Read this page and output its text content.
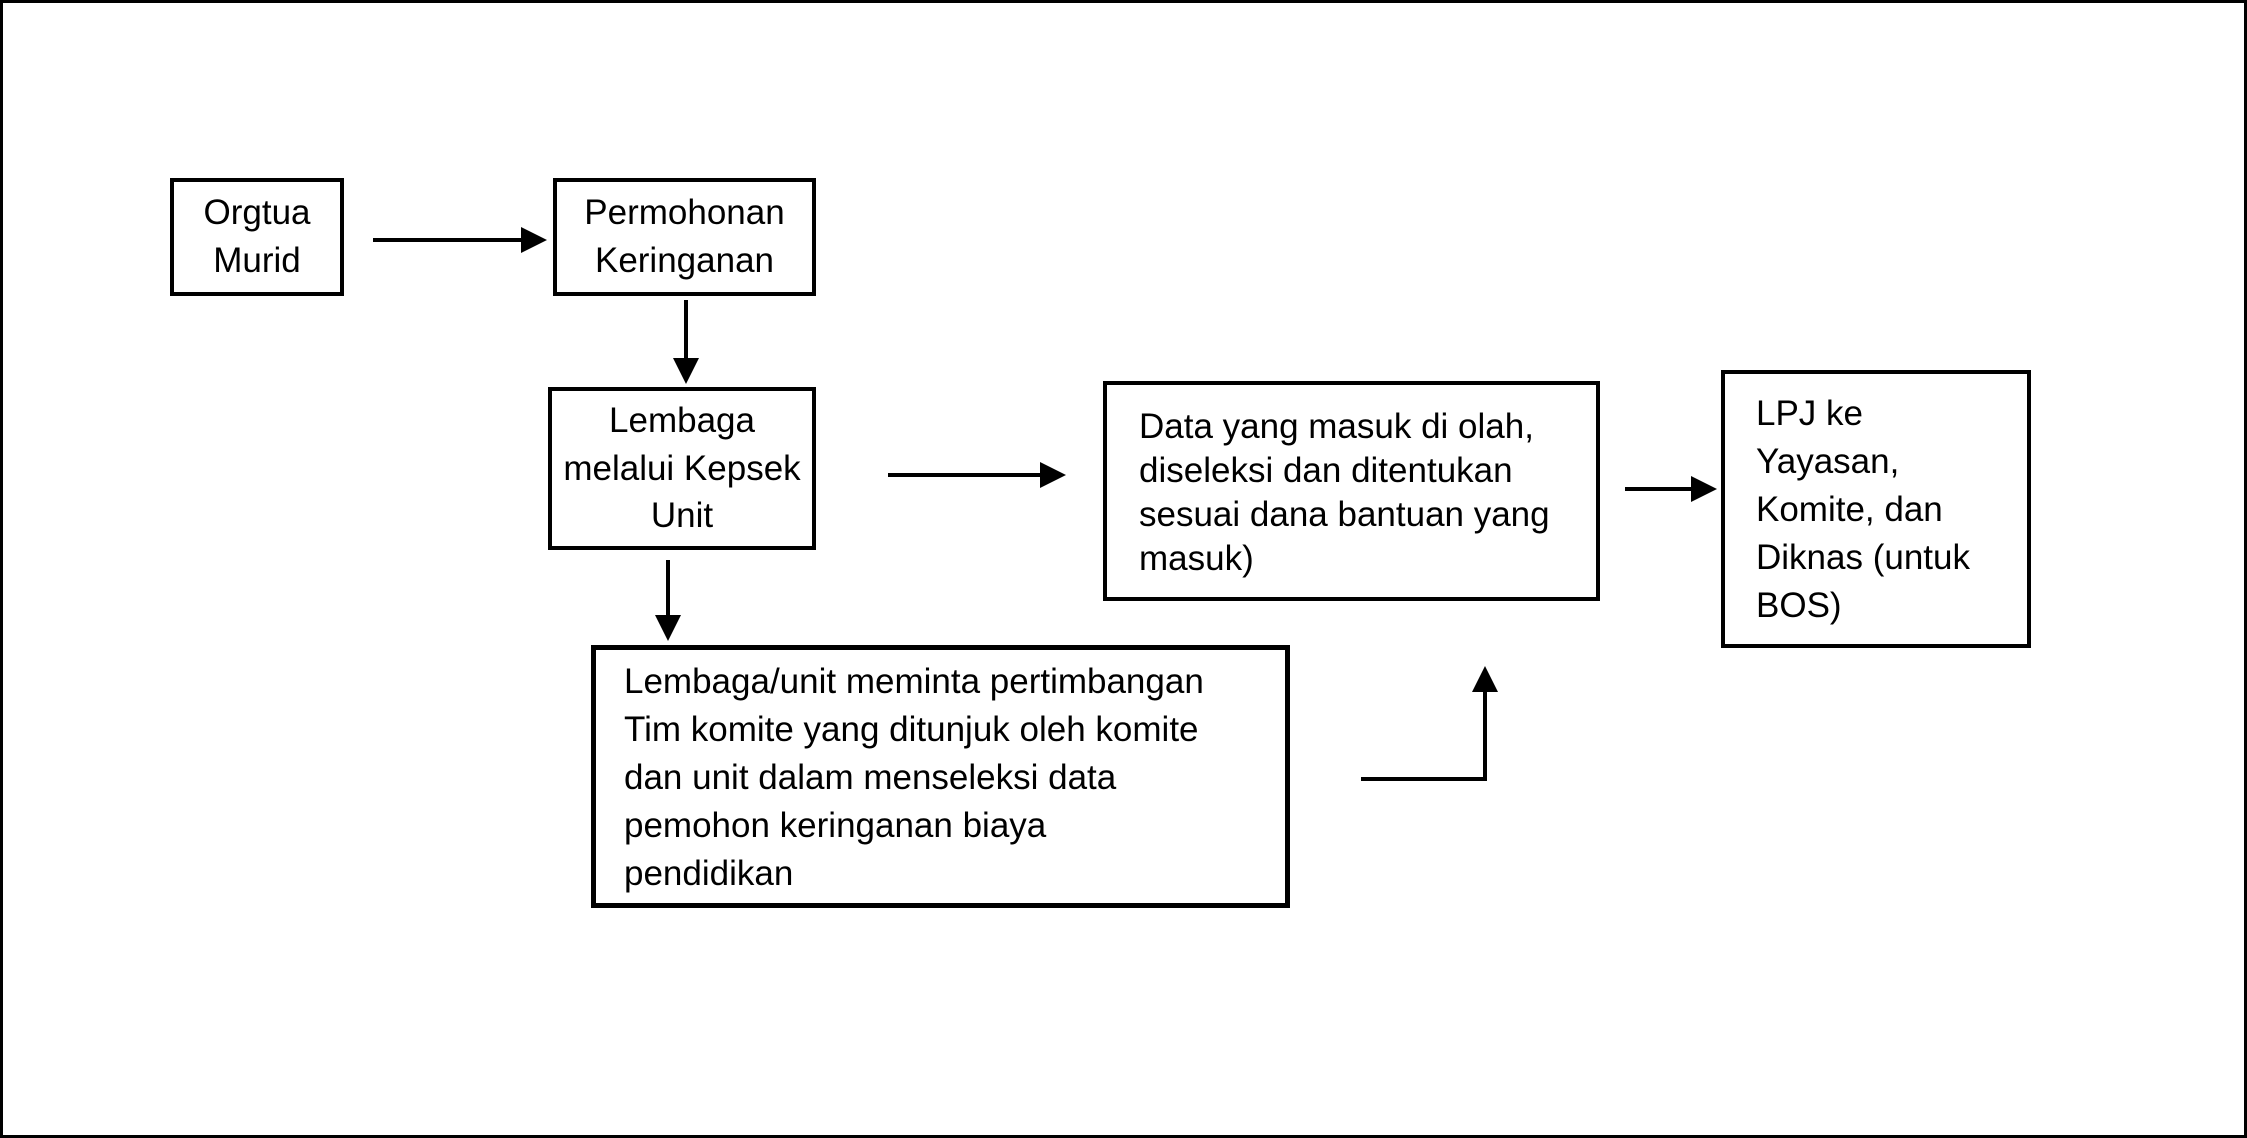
Orgtua
Murid
Permohonan
Keringanan
Lembaga
melalui Kepsek
Unit
Data yang masuk di olah,
diseleksi dan ditentukan
sesuai dana bantuan yang
masuk)
LPJ ke
Yayasan,
Komite, dan
Diknas (untuk
BOS)
Lembaga/unit meminta pertimbangan
Tim komite yang ditunjuk oleh komite
dan unit dalam menseleksi data
pemohon keringanan biaya
pendidikan
